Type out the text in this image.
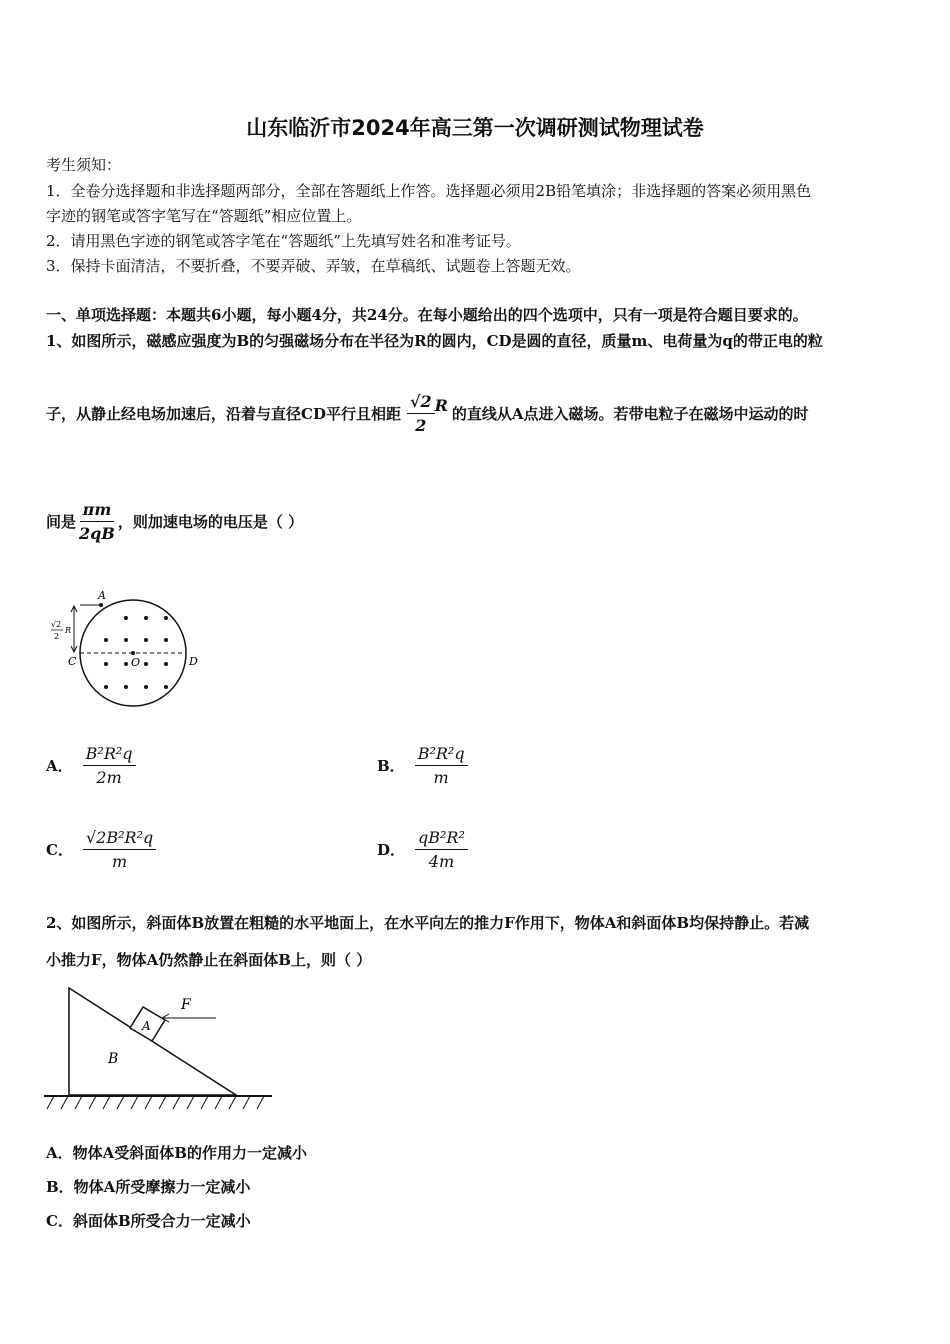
山东临沂市2024年高三第一次调研测试物理试卷
考生须知：
1．全卷分选择题和非选择题两部分，全部在答题纸上作答。选择题必须用2B铅笔填涂；非选择题的答案必须用黑色
字迹的钢笔或答字笔写在“答题纸”相应位置上。
2．请用黑色字迹的钢笔或答字笔在“答题纸”上先填写姓名和准考证号。
3．保持卡面清洁，不要折叠，不要弄破、弄皱，在草稿纸、试题卷上答题无效。
一、单项选择题：本题共6小题，每小题4分，共24分。在每小题给出的四个选项中，只有一项是符合题目要求的。
1、如图所示，磁感应强度为B的匀强磁场分布在半径为R的圆内，CD是圆的直径，质量m、电荷量为q的带正电的粒
子，从静止经电场加速后，沿着与直径CD平行且相距 $\frac{√2}{2}$ R 的直线从A点进入磁场。若带电粒子在磁场中运动的时
间是 $\frac{\pi m}{2qB}$ ，则加速电场的电压是（ ）
A
C	D
O
√2
2
R
A． $\frac{\text{B²R²q}}{2m}$	B． $\frac{\text{B²R²q}}{m}$
C． $\frac{\text{√2B²R²q}}{m}$	D． $\frac{\text{qB²R²}}{4m}$
2、如图所示，斜面体B放置在粗糙的水平地面上，在水平向左的推力F作用下，物体A和斜面体B均保持静止。若减
小推力F，物体A仍然静止在斜面体B上，则（ ）
F
A
B
A．物体A受斜面体B的作用力一定减小
B．物体A所受摩擦力一定减小
C．斜面体B所受合力一定减小
